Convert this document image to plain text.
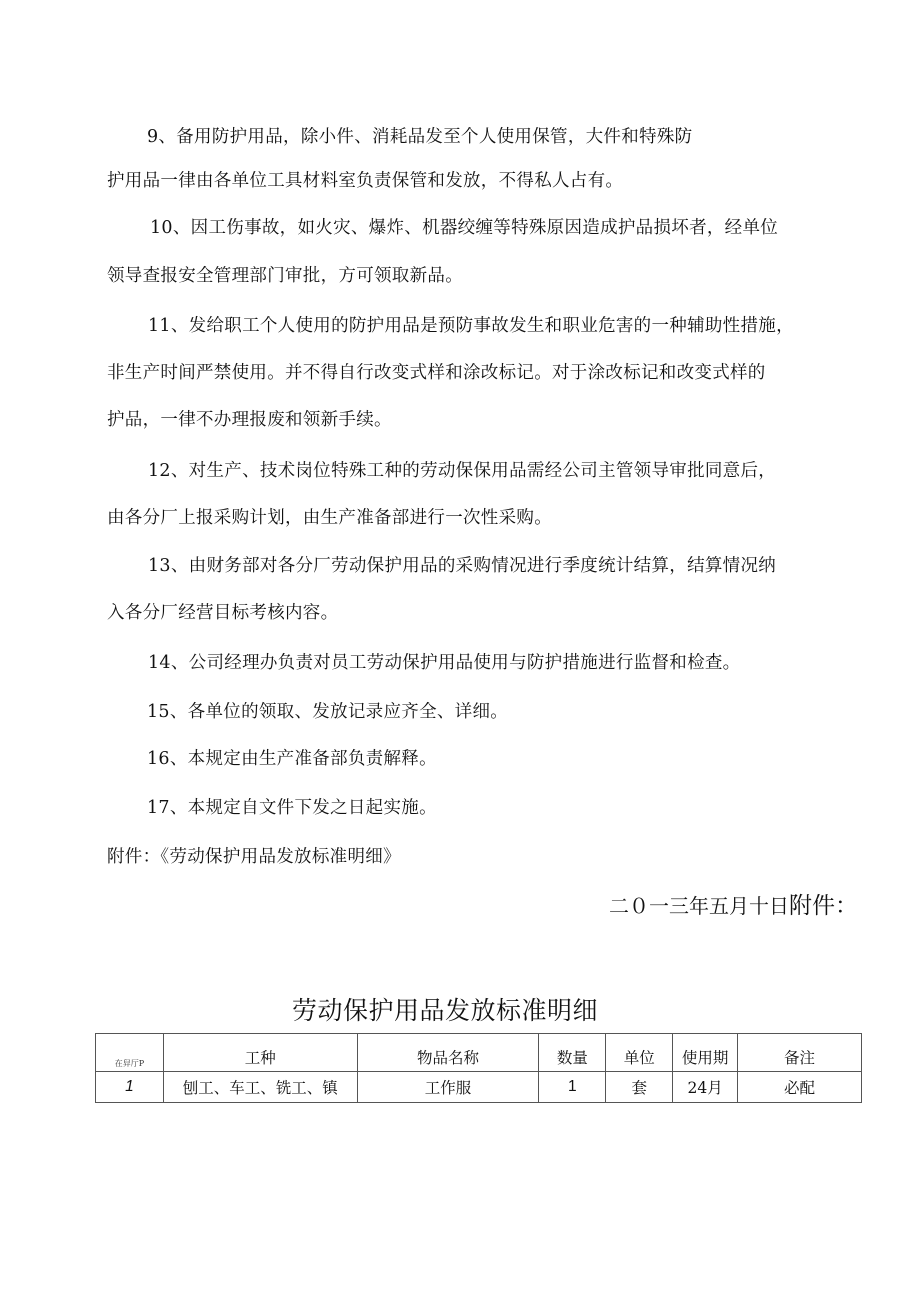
9、备用防护用品，除小件、消耗品发至个人使用保管，大件和特殊防
护用品一律由各单位工具材料室负责保管和发放，不得私人占有。
10、因工伤事故，如火灾、爆炸、机器绞缠等特殊原因造成护品损坏者，经单位
领导查报安全管理部门审批，方可领取新品。
11、发给职工个人使用的防护用品是预防事故发生和职业危害的一种辅助性措施，
非生产时间严禁使用。并不得自行改变式样和涂改标记。对于涂改标记和改变式样的
护品，一律不办理报废和领新手续。
12、对生产、技术岗位特殊工种的劳动保保用品需经公司主管领导审批同意后，
由各分厂上报采购计划，由生产准备部进行一次性采购。
13、由财务部对各分厂劳动保护用品的采购情况进行季度统计结算，结算情况纳
入各分厂经营目标考核内容。
14、公司经理办负责对员工劳动保护用品使用与防护措施进行监督和检查。
15、各单位的领取、发放记录应齐全、详细。
16、本规定由生产准备部负责解释。
17、本规定自文件下发之日起实施。
附件：《劳动保护用品发放标准明细》
二０一三年五月十日附件：
劳动保护用品发放标准明细
在舁厅P	工种	物品名称	数量	单位	使用期	备注
1	刨工、车工、铣工、镇	工作服	1	套	24月	必配
